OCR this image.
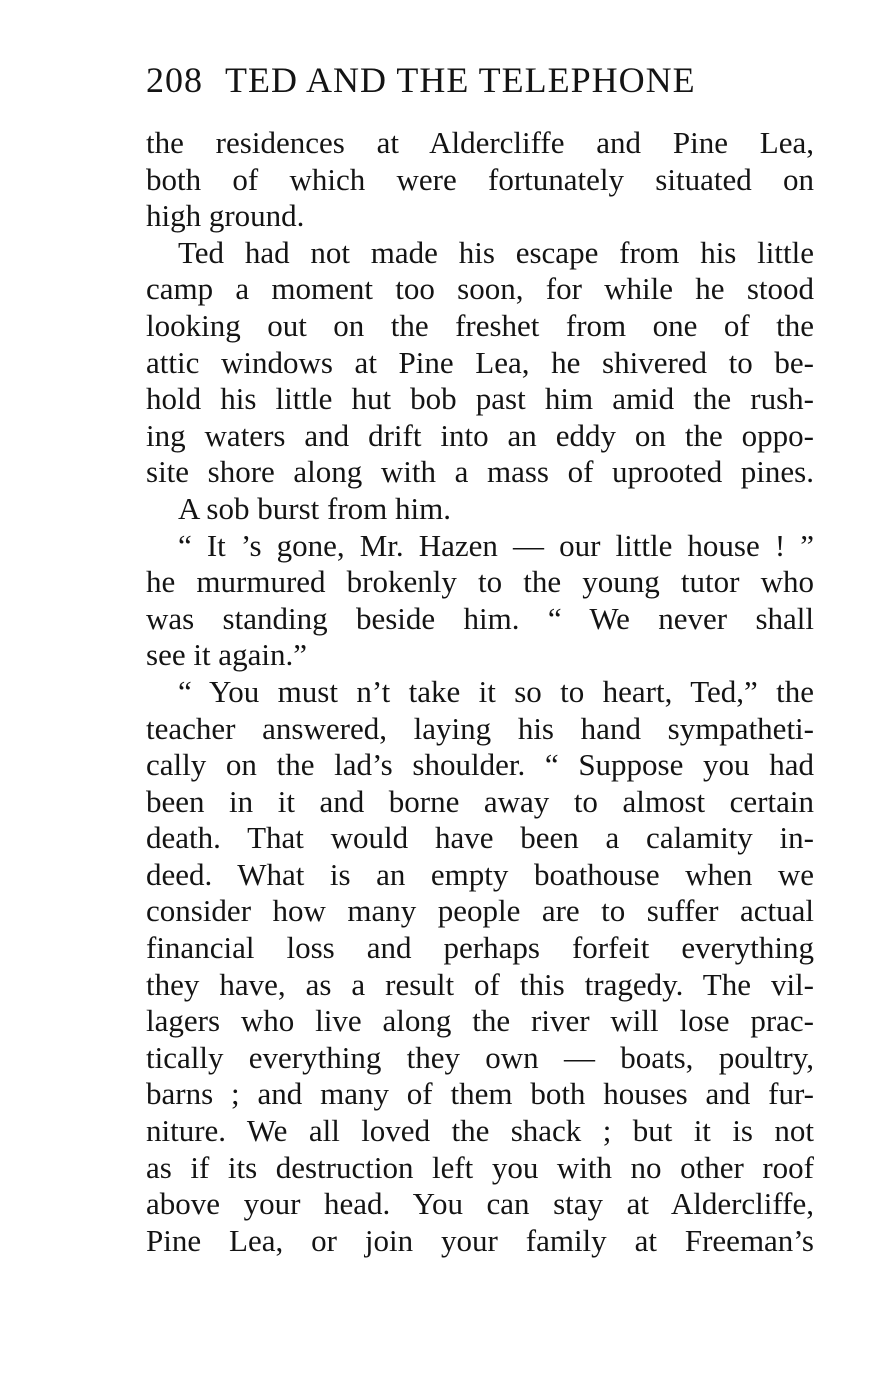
208 TED AND THE TELEPHONE
the residences at Aldercliffe and Pine Lea,
both of which were fortunately situated on
high ground.
Ted had not made his escape from his little
camp a moment too soon, for while he stood
looking out on the freshet from one of the
attic windows at Pine Lea, he shivered to be-
hold his little hut bob past him amid the rush-
ing waters and drift into an eddy on the oppo-
site shore along with a mass of uprooted pines.
A sob burst from him.
“ It ’s gone, Mr. Hazen — our little house ! ”
he murmured brokenly to the young tutor who
was standing beside him. “ We never shall
see it again.”
“ You must n’t take it so to heart, Ted,” the
teacher answered, laying his hand sympatheti-
cally on the lad’s shoulder. “ Suppose you had
been in it and borne away to almost certain
death. That would have been a calamity in-
deed. What is an empty boathouse when we
consider how many people are to suffer actual
financial loss and perhaps forfeit everything
they have, as a result of this tragedy. The vil-
lagers who live along the river will lose prac-
tically everything they own — boats, poultry,
barns ; and many of them both houses and fur-
niture. We all loved the shack ; but it is not
as if its destruction left you with no other roof
above your head. You can stay at Aldercliffe,
Pine Lea, or join your family at Freeman’s
